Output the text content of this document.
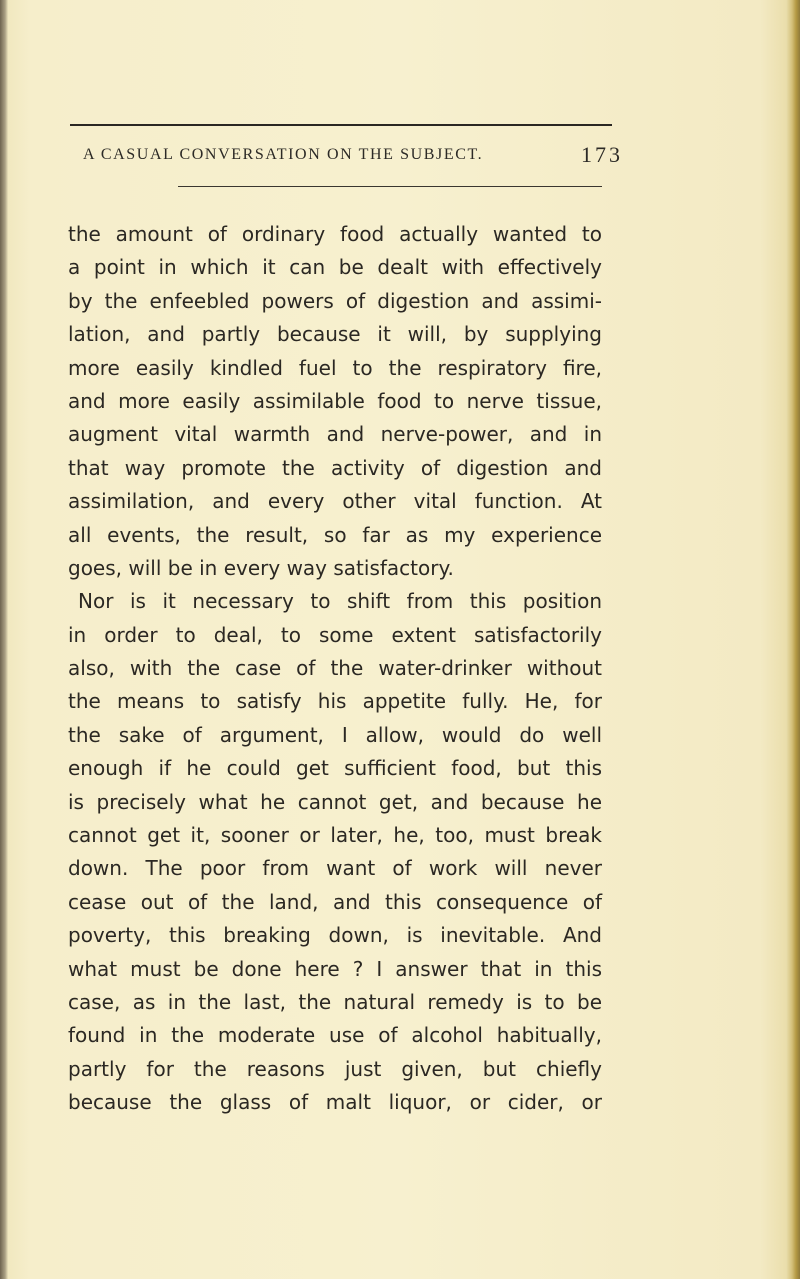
A CASUAL CONVERSATION ON THE SUBJECT.	173
the amount of ordinary food actually wanted to
a point in which it can be dealt with effectively
by the enfeebled powers of digestion and assimi-
lation, and partly because it will, by supplying
more easily kindled fuel to the respiratory fire,
and more easily assimilable food to nerve tissue,
augment vital warmth and nerve-power, and in
that way promote the activity of digestion and
assimilation, and every other vital function. At
all events, the result, so far as my experience
goes, will be in every way satisfactory.
Nor is it necessary to shift from this position
in order to deal, to some extent satisfactorily
also, with the case of the water-drinker without
the means to satisfy his appetite fully. He, for
the sake of argument, I allow, would do well
enough if he could get sufficient food, but this
is precisely what he cannot get, and because he
cannot get it, sooner or later, he, too, must break
down. The poor from want of work will never
cease out of the land, and this consequence of
poverty, this breaking down, is inevitable. And
what must be done here ? I answer that in this
case, as in the last, the natural remedy is to be
found in the moderate use of alcohol habitually,
partly for the reasons just given, but chiefly
because the glass of malt liquor, or cider, or
